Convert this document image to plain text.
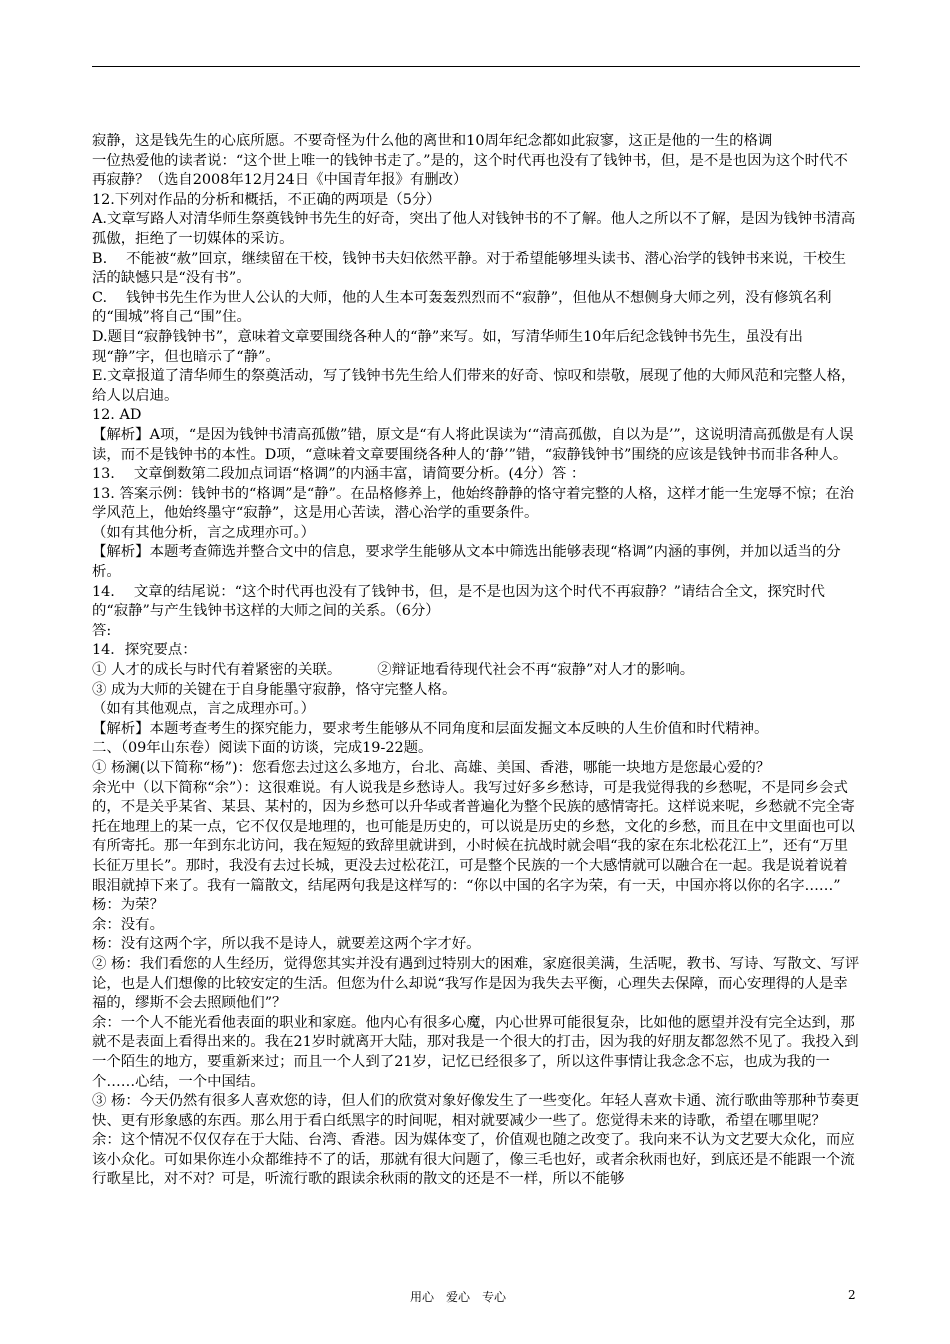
寂静，这是钱先生的心底所愿。不要奇怪为什么他的离世和10周年纪念都如此寂寥，这正是他的一生的格调

一位热爱他的读者说：“这个世上唯一的钱钟书走了。”是的，这个时代再也没有了钱钟书，但，是不是也因为这个时代不再寂静？（选自2008年12月24日《中国青年报》有删改）

12.下列对作品的分析和概括，不正确的两项是（5分）

A.文章写路人对清华师生祭奠钱钟书先生的好奇，突出了他人对钱钟书的不了解。他人之所以不了解，是因为钱钟书清高孤傲，拒绝了一切媒体的采访。

B.　 不能被“赦”回京，继续留在干校，钱钟书夫妇依然平静。对于希望能够埋头读书、潜心治学的钱钟书来说，干校生活的缺憾只是“没有书”。

C.　 钱钟书先生作为世人公认的大师，他的人生本可轰轰烈烈而不“寂静”，但他从不想侧身大师之列，没有修筑名利的“围城”将自己“围”住。

D.题目“寂静钱钟书”，意味着文章要围绕各种人的“静”来写。如，写清华师生10年后纪念钱钟书先生，虽没有出现“静”字，但也暗示了“静”。

E.文章报道了清华师生的祭奠活动，写了钱钟书先生给人们带来的好奇、惊叹和崇敬，展现了他的大师风范和完整人格，给人以启迪。

12. AD

【解析】A项，“是因为钱钟书清高孤傲”错，原文是“有人将此误读为‘“清高孤傲，自以为是’”，这说明清高孤傲是有人误读，而不是钱钟书的本性。D项，“意味着文章要围绕各种人的‘静’”错，“寂静钱钟书”围绕的应该是钱钟书而非各种人。

13.　 文章倒数第二段加点词语“格调”的内涵丰富，请简要分析。(4分）答 ：

13. 答案示例：钱钟书的“格调”是“静”。在品格修养上，他始终静静的恪守着完整的人格，这样才能一生宠辱不惊；在治学风范上，他始终墨守“寂静”，这是用心苦读，潜心治学的重要条件。

（如有其他分析，言之成理亦可。）

【解析】本题考查筛选并整合文中的信息，要求学生能够从文本中筛选出能够表现“格调”内涵的事例，并加以适当的分析。

14.　 文章的结尾说：“这个时代再也没有了钱钟书，但，是不是也因为这个时代不再寂静？”请结合全文，探究时代的“寂静”与产生钱钟书这样的大师之间的关系。（6分）

答:

14．探究要点：

① 人才的成长与时代有着紧密的关联。　　　②辩证地看待现代社会不再“寂静”对人才的影响。

③ 成为大师的关键在于自身能墨守寂静，恪守完整人格。

（如有其他观点，言之成理亦可。）

【解析】本题考查考生的探究能力，要求考生能够从不同角度和层面发掘文本反映的人生价值和时代精神。

二、（09年山东卷）阅读下面的访谈，完成19-22题。

① 杨澜(以下简称“杨”)：您看您去过这么多地方，台北、高雄、美国、香港，哪能一块地方是您最心爱的？

余光中（以下简称“余”）：这很难说。有人说我是乡愁诗人。我写过好多乡愁诗，可是我觉得我的乡愁呢，不是同乡会式的，不是关乎某省、某县、某村的，因为乡愁可以升华或者普遍化为整个民族的感情寄托。这样说来呢，乡愁就不完全寄托在地理上的某一点，它不仅仅是地理的，也可能是历史的，可以说是历史的乡愁，文化的乡愁，而且在中文里面也可以有所寄托。那一年到东北访问，我在短短的致辞里就讲到，小时候在抗战时就会唱“我的家在东北松花江上”，还有“万里长征万里长”。那时，我没有去过长城，更没去过松花江，可是整个民族的一个大感情就可以融合在一起。我是说着说着眼泪就掉下来了。我有一篇散文，结尾两句我是这样写的：“你以中国的名字为荣，有一天，中国亦将以你的名字……”

杨：为荣？

余：没有。

杨：没有这两个字，所以我不是诗人，就要差这两个字才好。

② 杨：我们看您的人生经历，觉得您其实并没有遇到过特别大的困难，家庭很美满，生活呢，教书、写诗、写散文、写评论，也是人们想像的比较安定的生活。但您为什么却说“我写作是因为我失去平衡，心理失去保障，而心安理得的人是幸福的，缪斯不会去照顾他们”？

余：一个人不能光看他表面的职业和家庭。他内心有很多心魔，内心世界可能很复杂，比如他的愿望并没有完全达到，那就不是表面上看得出来的。我在21岁时就离开大陆，那对我是一个很大的打击，因为我的好朋友都忽然不见了。我投入到一个陌生的地方，要重新来过；而且一个人到了21岁，记忆已经很多了，所以这件事情让我念念不忘，也成为我的一个……心结，一个中国结。

③ 杨：今天仍然有很多人喜欢您的诗，但人们的欣赏对象好像发生了一些变化。年轻人喜欢卡通、流行歌曲等那种节奏更快、更有形象感的东西。那么用于看白纸黑字的时间呢，相对就要减少一些了。您觉得未来的诗歌，希望在哪里呢？

余：这个情况不仅仅存在于大陆、台湾、香港。因为媒体变了，价值观也随之改变了。我向来不认为文艺要大众化，而应该小众化。可如果你连小众都维持不了的话，那就有很大问题了，像三毛也好，或者余秋雨也好，到底还是不能跟一个流行歌星比，对不对？可是，听流行歌的跟读余秋雨的散文的还是不一样，所以不能够

用心　爱心　专心	2
